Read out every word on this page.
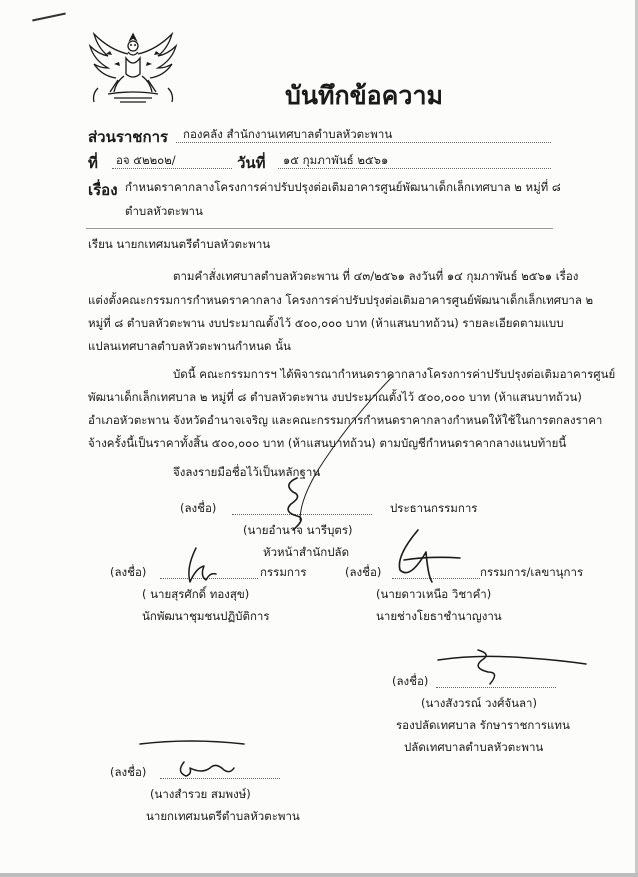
บันทึกข้อความ
ส่วนราชการ กองคลัง สำนักงานเทศบาลตำบลหัวตะพาน
ที่ อจ ๕๒๒๐๒/	วันที่ ๑๕ กุมภาพันธ์ ๒๕๖๑
เรื่อง กำหนดราคากลางโครงการค่าปรับปรุงต่อเติมอาคารศูนย์พัฒนาเด็กเล็กเทศบาล ๒ หมู่ที่ ๘
ตำบลหัวตะพาน
เรียน นายกเทศมนตรีตำบลหัวตะพาน
ตามคำสั่งเทศบาลตำบลหัวตะพาน ที่ ๔๓/๒๕๖๑ ลงวันที่ ๑๔ กุมภาพันธ์ ๒๕๖๑ เรื่อง
แต่งตั้งคณะกรรมการกำหนดราคากลาง โครงการค่าปรับปรุงต่อเติมอาคารศูนย์พัฒนาเด็กเล็กเทศบาล ๒
หมู่ที่ ๘ ตำบลหัวตะพาน งบประมาณตั้งไว้ ๕๐๐,๐๐๐ บาท (ห้าแสนบาทถ้วน) รายละเอียดตามแบบ
แปลนเทศบาลตำบลหัวตะพานกำหนด นั้น
บัดนี้ คณะกรรมการฯ ได้พิจารณากำหนดราคากลางโครงการค่าปรับปรุงต่อเติมอาคารศูนย์
พัฒนาเด็กเล็กเทศบาล ๒ หมู่ที่ ๘ ตำบลหัวตะพาน งบประมาณตั้งไว้ ๕๐๐,๐๐๐ บาท (ห้าแสนบาทถ้วน)
อำเภอหัวตะพาน จังหวัดอำนาจเจริญ และคณะกรรมการกำหนดราคากลางกำหนดให้ใช้ในการตกลงราคา
จ้างครั้งนี้เป็นราคาทั้งสิ้น ๕๐๐,๐๐๐ บาท (ห้าแสนบาทถ้วน) ตามบัญชีกำหนดราคากลางแนบท้ายนี้
จึงลงรายมือชื่อไว้เป็นหลักฐาน
(ลงชื่อ)	ประธานกรรมการ
(นายอำนาจ นารีบุตร)
หัวหน้าสำนักปลัด
(ลงชื่อ)	กรรมการ	(ลงชื่อ)	กรรมการ/เลขานุการ
( นายสุรศักดิ์ ทองสุข)	(นายดาวเหนือ วิชาคำ)
นักพัฒนาชุมชนปฏิบัติการ	นายช่างโยธาชำนาญงาน
(ลงชื่อ)
(นางสังวรณ์ วงศ์จันลา)
รองปลัดเทศบาล รักษาราชการแทน
ปลัดเทศบาลตำบลหัวตะพาน
(ลงชื่อ)
(นางสำรวย สมพงษ์)
นายกเทศมนตรีตำบลหัวตะพาน
